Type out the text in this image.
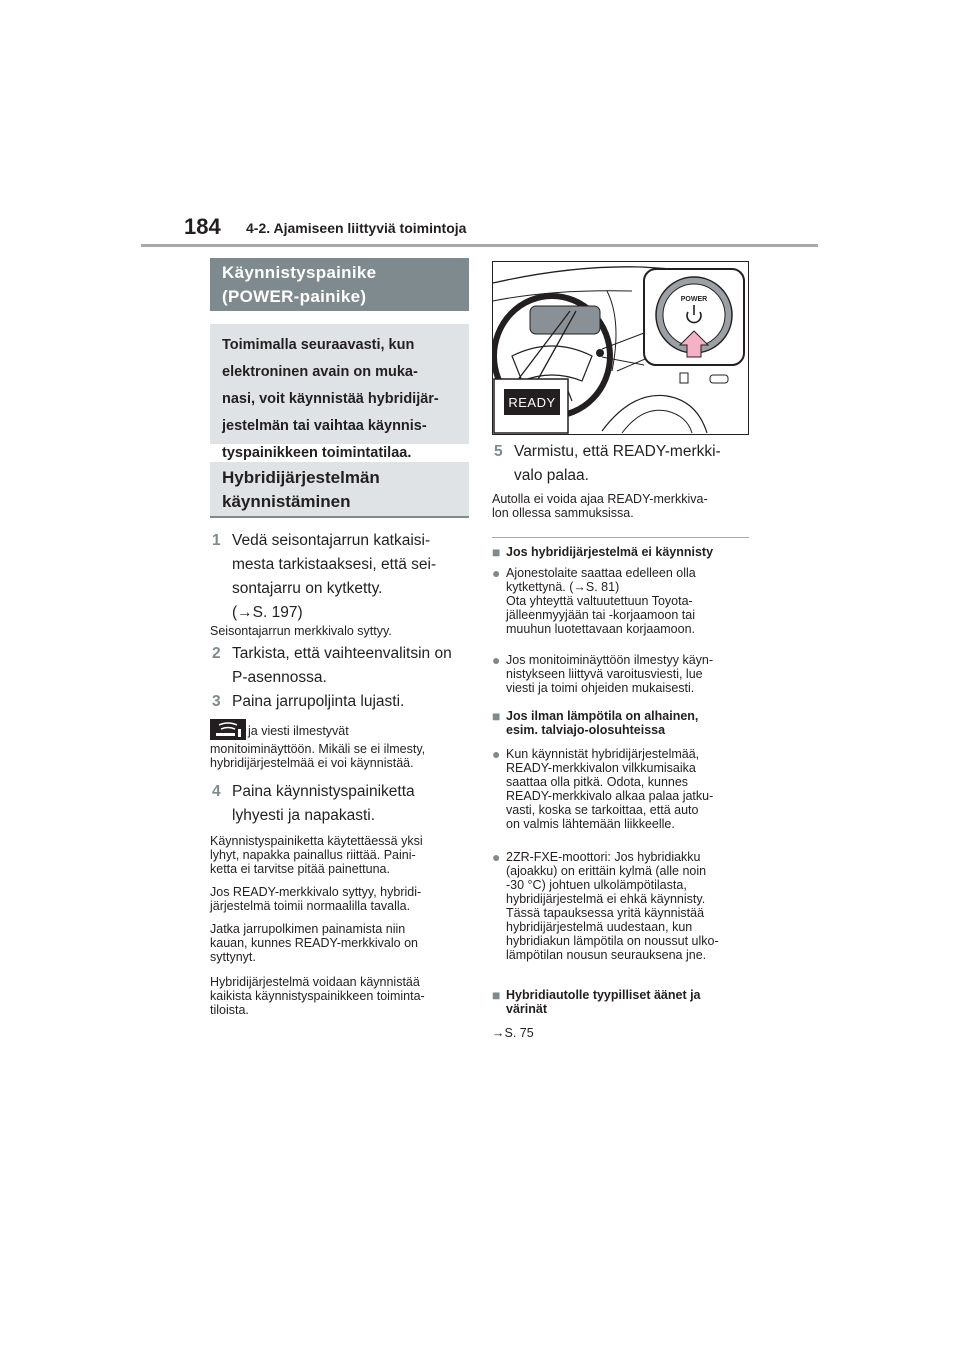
184 4-2. Ajamiseen liittyviä toimintoja
Käynnistyspainike
(POWER-painike)
Toimimalla seuraavasti, kun
elektroninen avain on muka-
nasi, voit käynnistää hybridijär-
jestelmän tai vaihtaa käynnis-
tyspainikkeen toimintatilaa.
Hybridijärjestelmän
käynnistäminen
1 Vedä seisontajarrun katkaisi-
mesta tarkistaaksesi, että sei-
sontajarru on kytketty.
(→S. 197)
Seisontajarrun merkkivalo syttyy.
2 Tarkista, että vaihteenvalitsin on
P-asennossa.
3 Paina jarrupoljinta lujasti.
ja viesti ilmestyvät
monitoiminäyttöön. Mikäli se ei ilmesty,
hybridijärjestelmää ei voi käynnistää.
4 Paina käynnistyspainiketta
lyhyesti ja napakasti.
Käynnistyspainiketta käytettäessä yksi
lyhyt, napakka painallus riittää. Paini-
ketta ei tarvitse pitää painettuna.
Jos READY-merkkivalo syttyy, hybridi-
järjestelmä toimii normaalilla tavalla.
Jatka jarrupolkimen painamista niin
kauan, kunnes READY-merkkivalo on
syttynyt.
Hybridijärjestelmä voidaan käynnistää
kaikista käynnistyspainikkeen toiminta-
tiloista.
POWER
READY
5 Varmistu, että READY-merkki-
valo palaa.
Autolla ei voida ajaa READY-merkkiva-
lon ollessa sammuksissa.
■ Jos hybridijärjestelmä ei käynnisty
● Ajonestolaite saattaa edelleen olla
kytkettynä. (→S. 81)
Ota yhteyttä valtuutettuun Toyota-
jälleenmyyjään tai -korjaamoon tai
muuhun luotettavaan korjaamoon.
● Jos monitoiminäyttöön ilmestyy käyn-
nistykseen liittyvä varoitusviesti, lue
viesti ja toimi ohjeiden mukaisesti.
■ Jos ilman lämpötila on alhainen,
esim. talviajo-olosuhteissa
● Kun käynnistät hybridijärjestelmää,
READY-merkkivalon vilkkumisaika
saattaa olla pitkä. Odota, kunnes
READY-merkkivalo alkaa palaa jatku-
vasti, koska se tarkoittaa, että auto
on valmis lähtemään liikkeelle.
● 2ZR-FXE-moottori: Jos hybridiakku
(ajoakku) on erittäin kylmä (alle noin
-30 °C) johtuen ulkolämpötilasta,
hybridijärjestelmä ei ehkä käynnisty.
Tässä tapauksessa yritä käynnistää
hybridijärjestelmä uudestaan, kun
hybridiakun lämpötila on noussut ulko-
lämpötilan nousun seurauksena jne.
■ Hybridiautolle tyypilliset äänet ja
värinät
→S. 75
